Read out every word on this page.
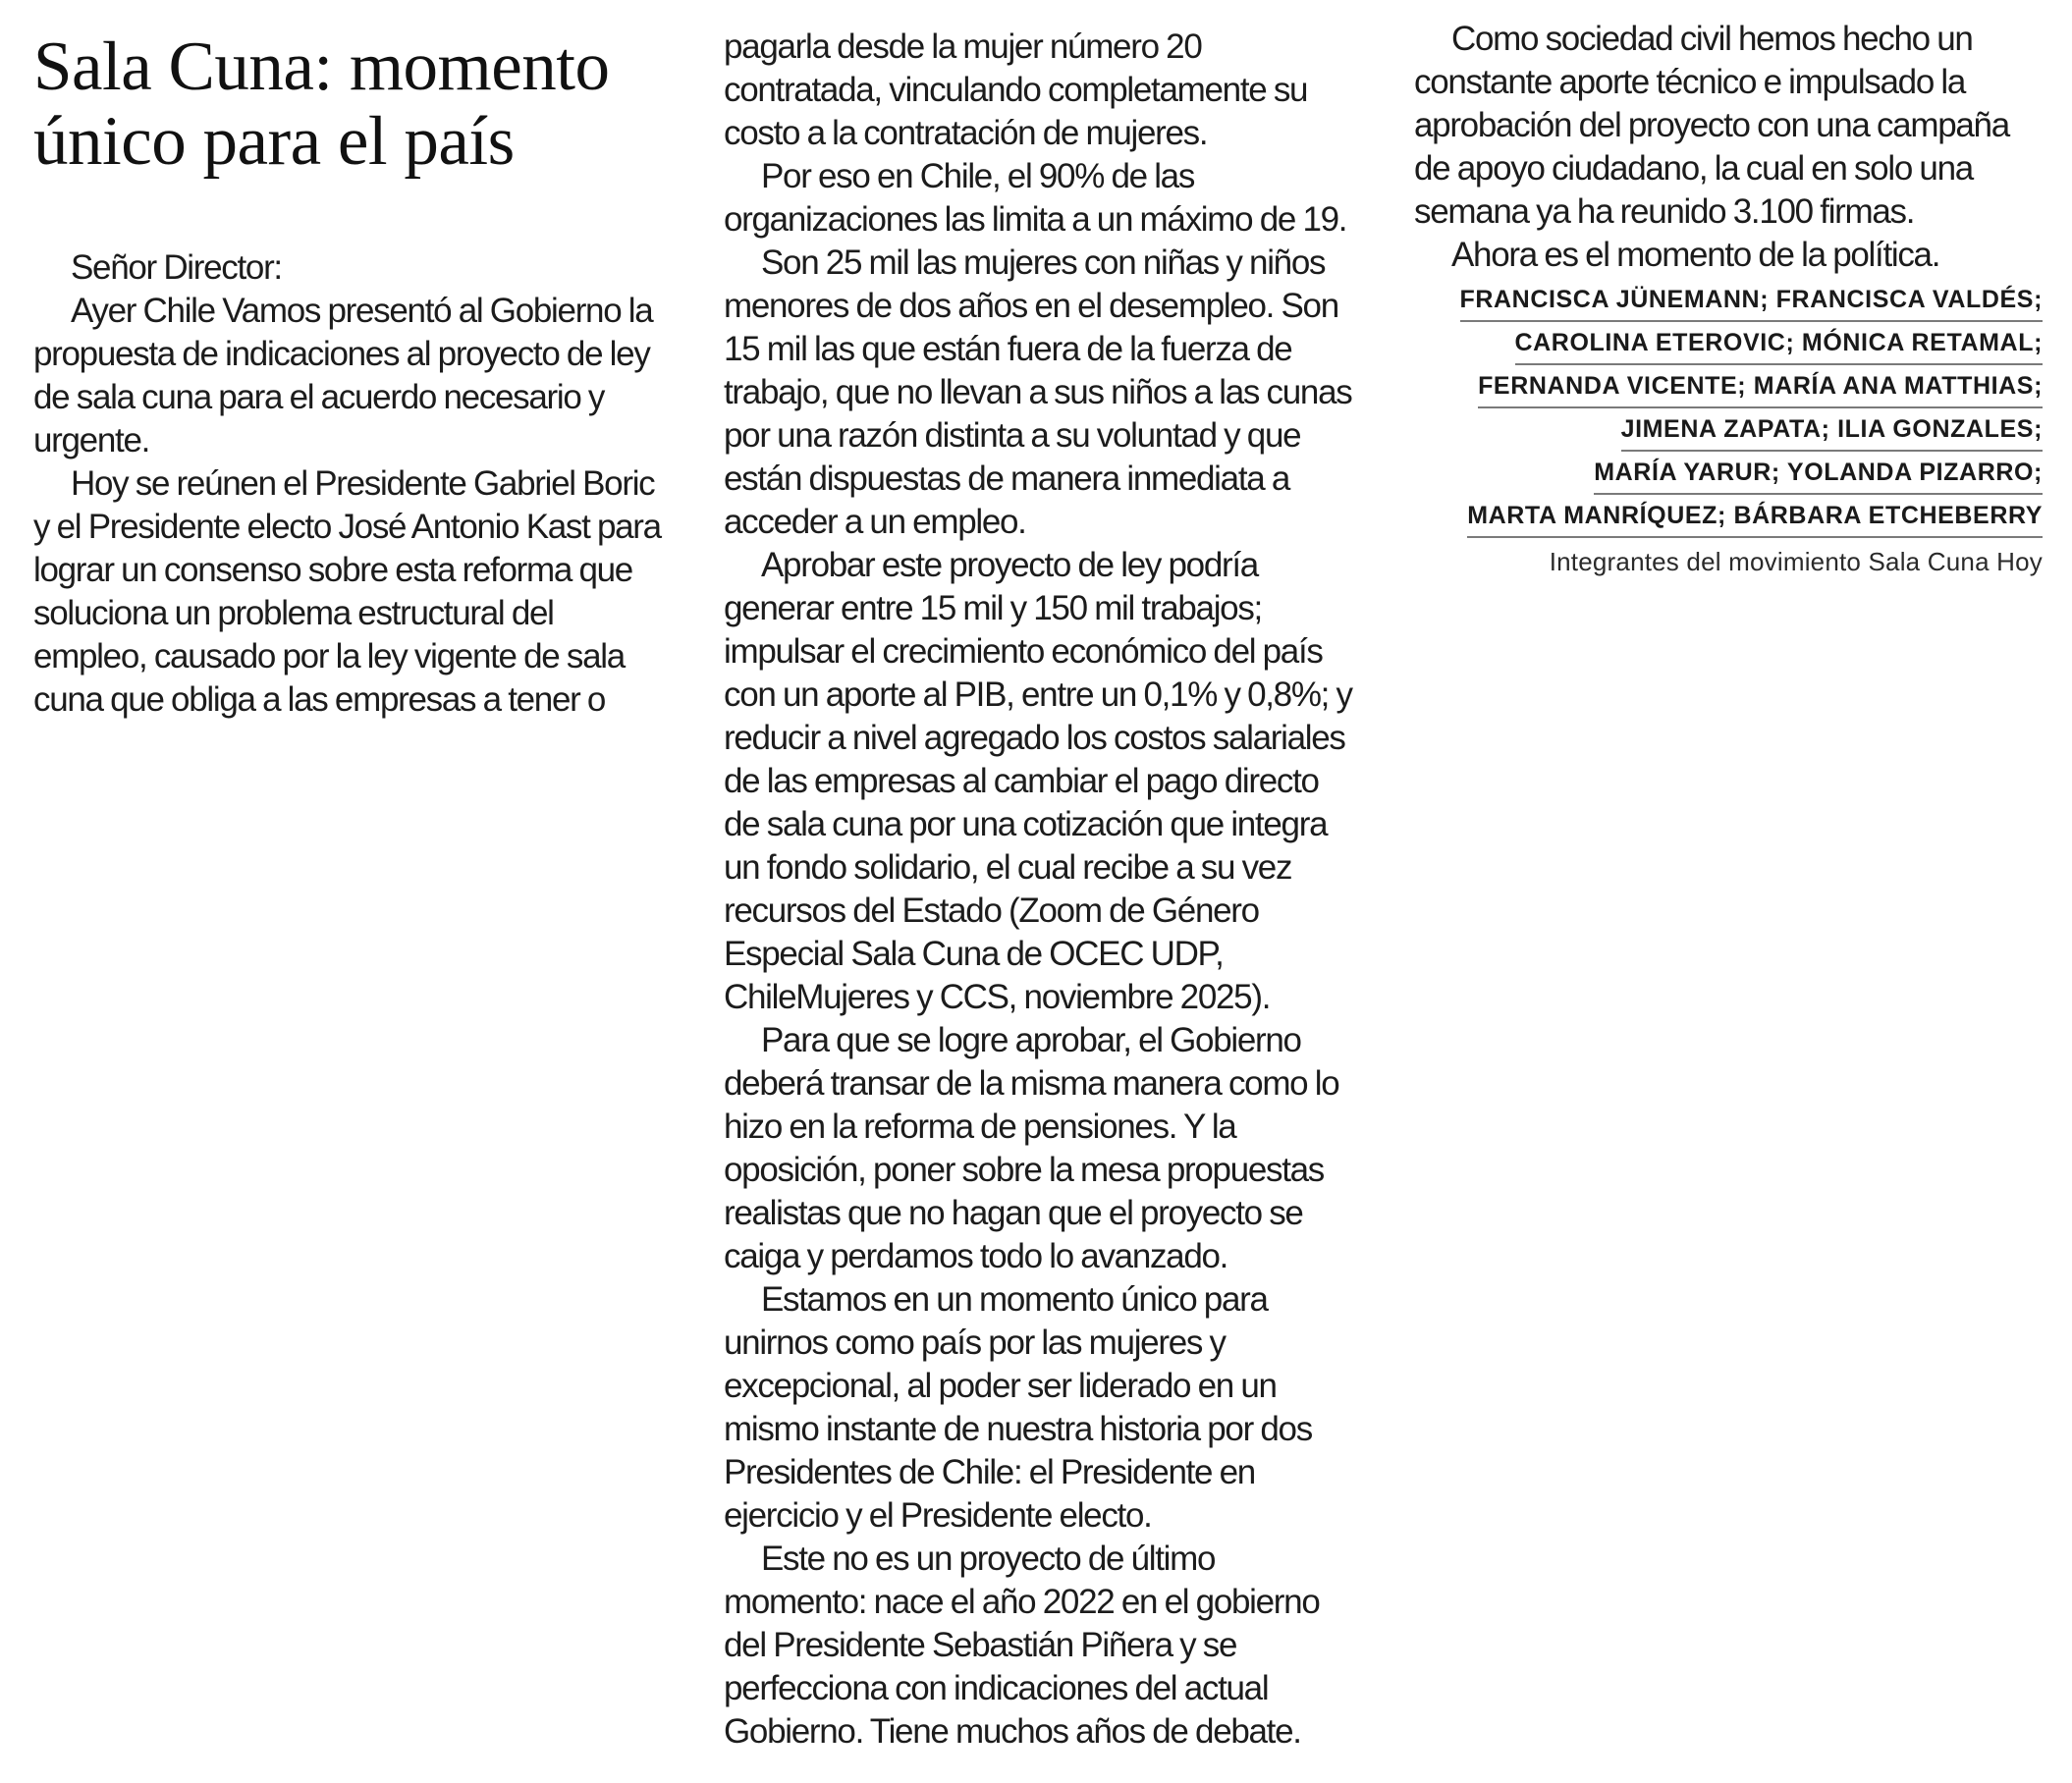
Sala Cuna: momento
único para el país

Señor Director:

Ayer Chile Vamos presentó al Gobierno la propuesta de indicaciones al proyecto de ley de sala cuna para el acuerdo necesario y urgente.

Hoy se reúnen el Presidente Gabriel Boric y el Presidente electo José Antonio Kast para lograr un consenso sobre esta reforma que soluciona un problema estructural del empleo, causado por la ley vigente de sala cuna que obliga a las empresas a tener o

pagarla desde la mujer número 20 contratada, vinculando completamente su costo a la contratación de mujeres.

Por eso en Chile, el 90% de las organizaciones las limita a un máximo de 19.

Son 25 mil las mujeres con niñas y niños menores de dos años en el desempleo. Son 15 mil las que están fuera de la fuerza de trabajo, que no llevan a sus niños a las cunas por una razón distinta a su voluntad y que están dispuestas de manera inmediata a acceder a un empleo.

Aprobar este proyecto de ley podría generar entre 15 mil y 150 mil trabajos; impulsar el crecimiento económico del país con un aporte al PIB, entre un 0,1% y 0,8%; y reducir a nivel agregado los costos salariales de las empresas al cambiar el pago directo de sala cuna por una cotización que integra un fondo solidario, el cual recibe a su vez recursos del Estado (Zoom de Género Especial Sala Cuna de OCEC UDP, ChileMujeres y CCS, noviembre 2025).

Para que se logre aprobar, el Gobierno deberá transar de la misma manera como lo hizo en la reforma de pensiones. Y la oposición, poner sobre la mesa propuestas realistas que no hagan que el proyecto se caiga y perdamos todo lo avanzado.

Estamos en un momento único para unirnos como país por las mujeres y excepcional, al poder ser liderado en un mismo instante de nuestra historia por dos Presidentes de Chile: el Presidente en ejercicio y el Presidente electo.

Este no es un proyecto de último momento: nace el año 2022 en el gobierno del Presidente Sebastián Piñera y se perfecciona con indicaciones del actual Gobierno. Tiene muchos años de debate.

Como sociedad civil hemos hecho un constante aporte técnico e impulsado la aprobación del proyecto con una campaña de apoyo ciudadano, la cual en solo una semana ya ha reunido 3.100 firmas.

Ahora es el momento de la política.

FRANCISCA JÜNEMANN; FRANCISCA VALDÉS;
CAROLINA ETEROVIC; MÓNICA RETAMAL;
FERNANDA VICENTE; MARÍA ANA MATTHIAS;
JIMENA ZAPATA; ILIA GONZALES;
MARÍA YARUR; YOLANDA PIZARRO;
MARTA MANRÍQUEZ; BÁRBARA ETCHEBERRY
Integrantes del movimiento Sala Cuna Hoy
